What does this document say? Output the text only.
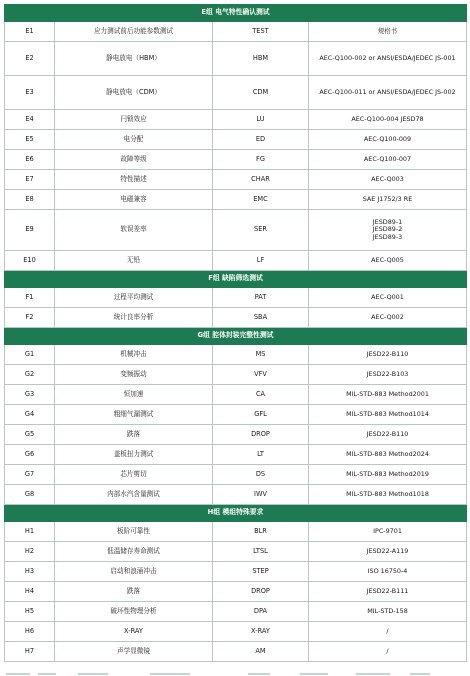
E组 电气特性确认测试			
E1	应力测试前后功能参数测试	TEST	规格书
E2	静电放电（HBM）	HBM	AEC-Q100-002 or ANSI/ESDA/JEDEC JS-001
E3	静电放电（CDM）	CDM	AEC-Q100-011 or ANSI/ESDA/JEDEC JS-002
E4	闩锁效应	LU	AEC-Q100-004 JESD78
E5	电分配	ED	AEC-Q100-009
E6	故障等级	FG	AEC-Q100-007
E7	特性描述	CHAR	AEC-Q003
E8	电磁兼容	EMC	SAE J1752/3 RE
E9	软误差率	SER	JESD89-1
JESD89-2
JESD89-3

E10	无铅	LF	AEC-Q005
F组 缺陷筛选测试			
F1	过程平均测试	PAT	AEC-Q001
F2	统计良率分析	SBA	AEC-Q002
G组 腔体封装完整性测试			
G1	机械冲击	MS	JESD22-B110
G2	变频振动	VFV	JESD22-B103
G3	恒加速	CA	MIL-STD-883 Method2001
G4	粗细气漏测试	GFL	MIL-STD-883 Method1014
G5	跌落	DROP	JESD22-B110
G6	盖板扭力测试	LT	MIL-STD-883 Method2024
G7	芯片剪切	DS	MIL-STD-883 Method2019
G8	内部水汽含量测试	IWV	MIL-STD-883 Method1018
H组 模组特殊要求			
H1	板阶可靠性	BLR	IPC-9701
H2	低温储存寿命测试	LTSL	JESD22-A119
H3	启动和浪涌冲击	STEP	ISO 16750-4
H4	跌落	DROP	JESD22-B111
H5	破坏性物理分析	DPA	MIL-STD-158
H6	X-RAY	X-RAY	/
H7	声学显微镜	AM	/
